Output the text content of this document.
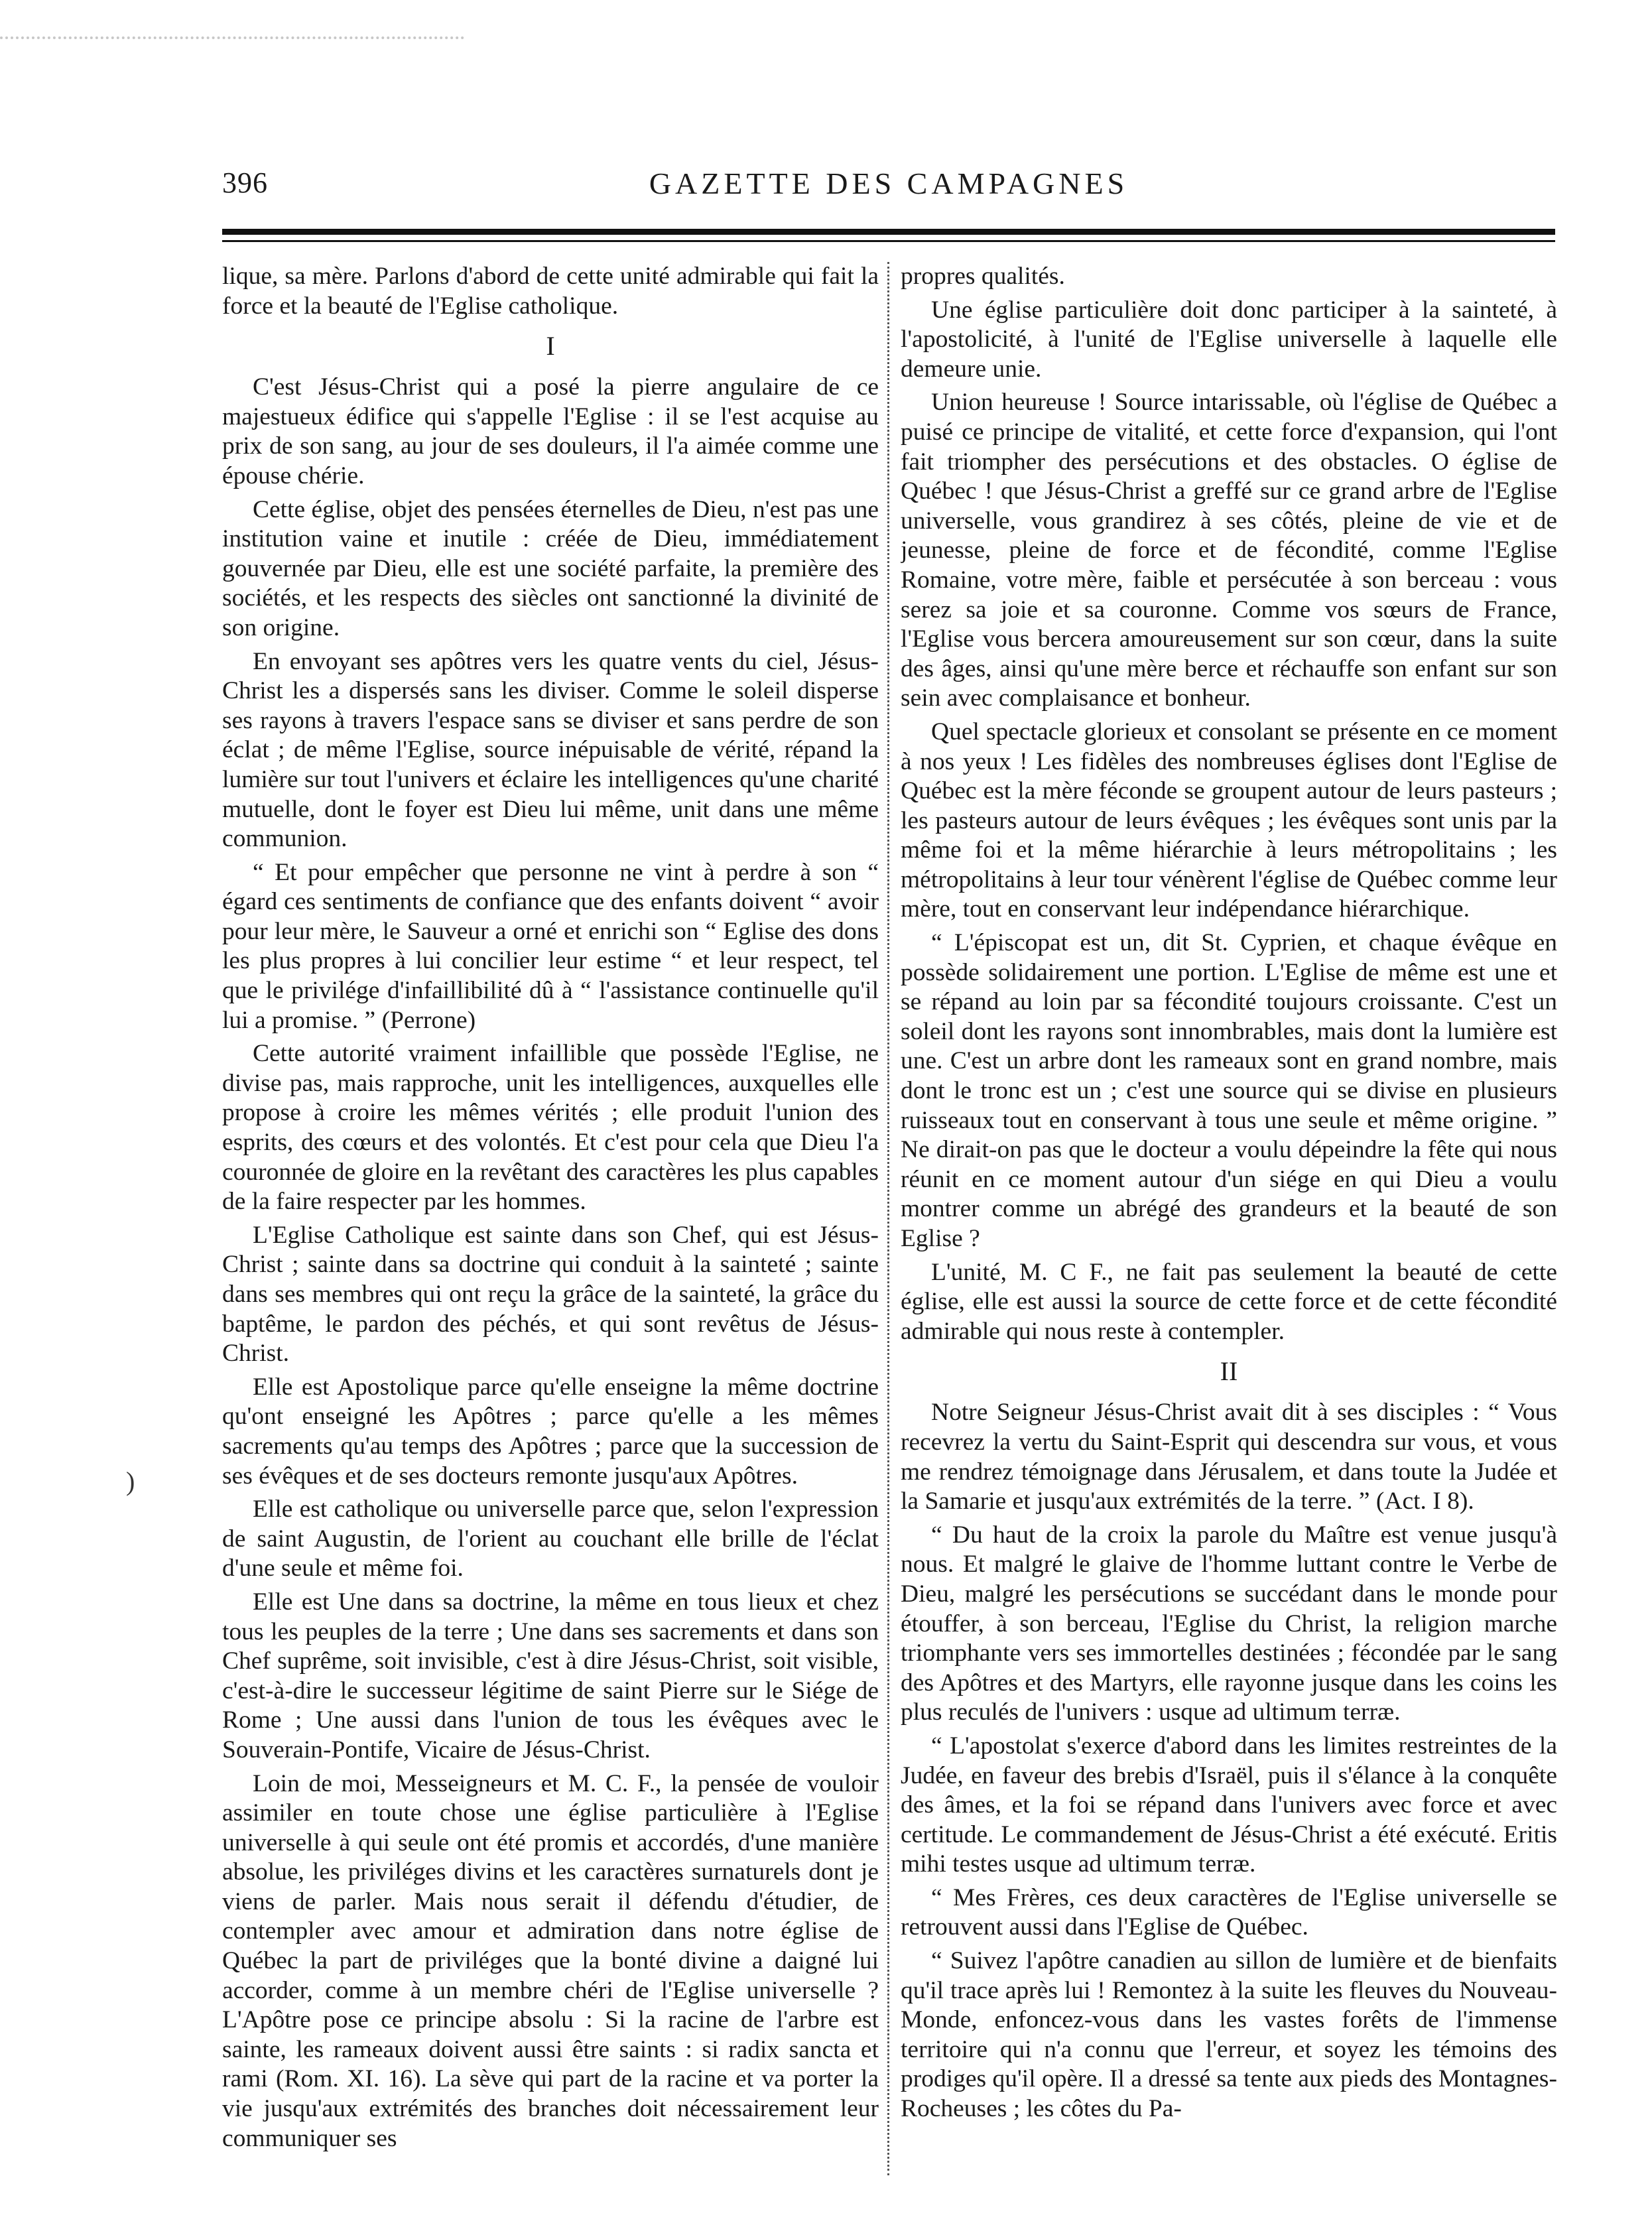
396	GAZETTE DES CAMPAGNES
)

lique, sa mère. Parlons d'abord de cette unité admirable qui fait la force et la beauté de l'Eglise catholique.

I

C'est Jésus-Christ qui a posé la pierre angulaire de ce majestueux édifice qui s'appelle l'Eglise : il se l'est acquise au prix de son sang, au jour de ses douleurs, il l'a aimée comme une épouse chérie.

Cette église, objet des pensées éternelles de Dieu, n'est pas une institution vaine et inutile : créée de Dieu, immédiatement gouvernée par Dieu, elle est une société parfaite, la première des sociétés, et les respects des siècles ont sanctionné la divinité de son origine.

En envoyant ses apôtres vers les quatre vents du ciel, Jésus-Christ les a dispersés sans les diviser. Comme le soleil disperse ses rayons à travers l'espace sans se diviser et sans perdre de son éclat ; de même l'Eglise, source inépuisable de vérité, répand la lumière sur tout l'univers et éclaire les intelligences qu'une charité mutuelle, dont le foyer est Dieu lui même, unit dans une même communion.

“ Et pour empêcher que personne ne vint à perdre à son “ égard ces sentiments de confiance que des enfants doivent “ avoir pour leur mère, le Sauveur a orné et enrichi son “ Eglise des dons les plus propres à lui concilier leur estime “ et leur respect, tel que le privilége d'infaillibilité dû à “ l'assistance continuelle qu'il lui a promise. ” (Perrone)

Cette autorité vraiment infaillible que possède l'Eglise, ne divise pas, mais rapproche, unit les intelligences, auxquelles elle propose à croire les mêmes vérités ; elle produit l'union des esprits, des cœurs et des volontés. Et c'est pour cela que Dieu l'a couronnée de gloire en la revêtant des caractères les plus capables de la faire respecter par les hommes.

L'Eglise Catholique est sainte dans son Chef, qui est Jésus-Christ ; sainte dans sa doctrine qui conduit à la sainteté ; sainte dans ses membres qui ont reçu la grâce de la sainteté, la grâce du baptême, le pardon des péchés, et qui sont revêtus de Jésus-Christ.

Elle est Apostolique parce qu'elle enseigne la même doctrine qu'ont enseigné les Apôtres ; parce qu'elle a les mêmes sacrements qu'au temps des Apôtres ; parce que la succession de ses évêques et de ses docteurs remonte jusqu'aux Apôtres.

Elle est catholique ou universelle parce que, selon l'expression de saint Augustin, de l'orient au couchant elle brille de l'éclat d'une seule et même foi.

Elle est Une dans sa doctrine, la même en tous lieux et chez tous les peuples de la terre ; Une dans ses sacrements et dans son Chef suprême, soit invisible, c'est à dire Jésus-Christ, soit visible, c'est-à-dire le successeur légitime de saint Pierre sur le Siége de Rome ; Une aussi dans l'union de tous les évêques avec le Souverain-Pontife, Vicaire de Jésus-Christ.

Loin de moi, Messeigneurs et M. C. F., la pensée de vouloir assimiler en toute chose une église particulière à l'Eglise universelle à qui seule ont été promis et accordés, d'une manière absolue, les priviléges divins et les caractères surnaturels dont je viens de parler. Mais nous serait il défendu d'étudier, de contempler avec amour et admiration dans notre église de Québec la part de priviléges que la bonté divine a daigné lui accorder, comme à un membre chéri de l'Eglise universelle ? L'Apôtre pose ce principe absolu : Si la racine de l'arbre est sainte, les rameaux doivent aussi être saints : si radix sancta et rami (Rom. XI. 16). La sève qui part de la racine et va porter la vie jusqu'aux extrémités des branches doit nécessairement leur communiquer ses

propres qualités.

Une église particulière doit donc participer à la sainteté, à l'apostolicité, à l'unité de l'Eglise universelle à laquelle elle demeure unie.

Union heureuse ! Source intarissable, où l'église de Québec a puisé ce principe de vitalité, et cette force d'expansion, qui l'ont fait triompher des persécutions et des obstacles. O église de Québec ! que Jésus-Christ a greffé sur ce grand arbre de l'Eglise universelle, vous grandirez à ses côtés, pleine de vie et de jeunesse, pleine de force et de fécondité, comme l'Eglise Romaine, votre mère, faible et persécutée à son berceau : vous serez sa joie et sa couronne. Comme vos sœurs de France, l'Eglise vous bercera amoureusement sur son cœur, dans la suite des âges, ainsi qu'une mère berce et réchauffe son enfant sur son sein avec complaisance et bonheur.

Quel spectacle glorieux et consolant se présente en ce moment à nos yeux ! Les fidèles des nombreuses églises dont l'Eglise de Québec est la mère féconde se groupent autour de leurs pasteurs ; les pasteurs autour de leurs évêques ; les évêques sont unis par la même foi et la même hiérarchie à leurs métropolitains ; les métropolitains à leur tour vénèrent l'église de Québec comme leur mère, tout en conservant leur indépendance hiérarchique.

“ L'épiscopat est un, dit St. Cyprien, et chaque évêque en possède solidairement une portion. L'Eglise de même est une et se répand au loin par sa fécondité toujours croissante. C'est un soleil dont les rayons sont innombrables, mais dont la lumière est une. C'est un arbre dont les rameaux sont en grand nombre, mais dont le tronc est un ; c'est une source qui se divise en plusieurs ruisseaux tout en conservant à tous une seule et même origine. ” Ne dirait-on pas que le docteur a voulu dépeindre la fête qui nous réunit en ce moment autour d'un siége en qui Dieu a voulu montrer comme un abrégé des grandeurs et la beauté de son Eglise ?

L'unité, M. C F., ne fait pas seulement la beauté de cette église, elle est aussi la source de cette force et de cette fécondité admirable qui nous reste à contempler.

II

Notre Seigneur Jésus-Christ avait dit à ses disciples : “ Vous recevrez la vertu du Saint-Esprit qui descendra sur vous, et vous me rendrez témoignage dans Jérusalem, et dans toute la Judée et la Samarie et jusqu'aux extrémités de la terre. ” (Act. I 8).

“ Du haut de la croix la parole du Maître est venue jusqu'à nous. Et malgré le glaive de l'homme luttant contre le Verbe de Dieu, malgré les persécutions se succédant dans le monde pour étouffer, à son berceau, l'Eglise du Christ, la religion marche triomphante vers ses immortelles destinées ; fécondée par le sang des Apôtres et des Martyrs, elle rayonne jusque dans les coins les plus reculés de l'univers : usque ad ultimum terræ.

“ L'apostolat s'exerce d'abord dans les limites restreintes de la Judée, en faveur des brebis d'Israël, puis il s'élance à la conquête des âmes, et la foi se répand dans l'univers avec force et avec certitude. Le commandement de Jésus-Christ a été exécuté. Eritis mihi testes usque ad ultimum terræ.

“ Mes Frères, ces deux caractères de l'Eglise universelle se retrouvent aussi dans l'Eglise de Québec.

“ Suivez l'apôtre canadien au sillon de lumière et de bienfaits qu'il trace après lui ! Remontez à la suite les fleuves du Nouveau-Monde, enfoncez-vous dans les vastes forêts de l'immense territoire qui n'a connu que l'erreur, et soyez les témoins des prodiges qu'il opère. Il a dressé sa tente aux pieds des Montagnes-Rocheuses ; les côtes du Pa-
